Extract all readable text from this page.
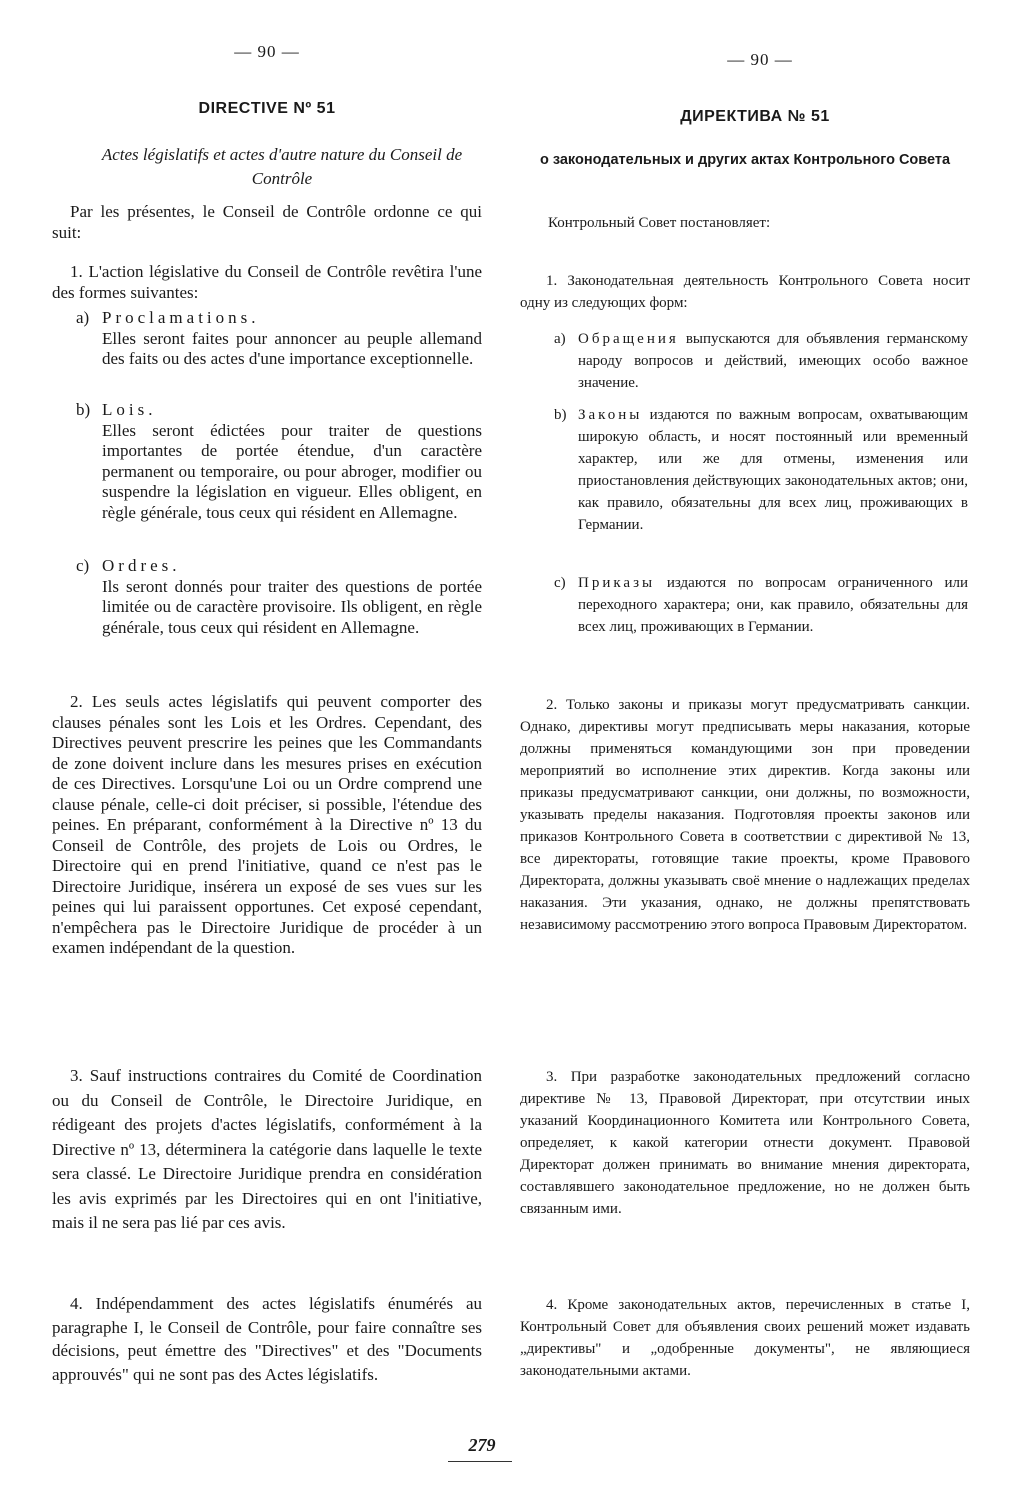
— 90 —
DIRECTIVE Nº 51
Actes législatifs et actes d'autre nature du Conseil de Contrôle
Par les présentes, le Conseil de Contrôle ordonne ce qui suit:
1. L'action législative du Conseil de Contrôle revêtira l'une des formes suivantes:
a) Proclamations.
Elles seront faites pour annoncer au peuple allemand des faits ou des actes d'une importance exceptionnelle.
b) Lois.
Elles seront édictées pour traiter de questions importantes de portée étendue, d'un caractère permanent ou temporaire, ou pour abroger, modifier ou suspendre la législation en vigueur. Elles obligent, en règle générale, tous ceux qui résident en Allemagne.
c) Ordres.
Ils seront donnés pour traiter des questions de portée limitée ou de caractère provisoire. Ils obligent, en règle générale, tous ceux qui résident en Allemagne.
2. Les seuls actes législatifs qui peuvent comporter des clauses pénales sont les Lois et les Ordres. Cependant, des Directives peuvent prescrire les peines que les Commandants de zone doivent inclure dans les mesures prises en exécution de ces Directives. Lorsqu'une Loi ou un Ordre comprend une clause pénale, celle-ci doit préciser, si possible, l'étendue des peines. En préparant, conformément à la Directive nº 13 du Conseil de Contrôle, des projets de Lois ou Ordres, le Directoire qui en prend l'initiative, quand ce n'est pas le Directoire Juridique, insérera un exposé de ses vues sur les peines qui lui paraissent opportunes. Cet exposé cependant, n'empêchera pas le Directoire Juridique de procéder à un examen indépendant de la question.
3. Sauf instructions contraires du Comité de Coordination ou du Conseil de Contrôle, le Directoire Juridique, en rédigeant des projets d'actes législatifs, conformément à la Directive nº 13, déterminera la catégorie dans laquelle le texte sera classé. Le Directoire Juridique prendra en considération les avis exprimés par les Directoires qui en ont l'initiative, mais il ne sera pas lié par ces avis.
4. Indépendamment des actes législatifs énumérés au paragraphe I, le Conseil de Contrôle, pour faire connaître ses décisions, peut émettre des "Directives" et des "Documents approuvés" qui ne sont pas des Actes législatifs.
— 90 —
ДИРЕКТИВА № 51
о законодательных и других актах Контрольного Совета
Контрольный Совет постановляет:
1. Законодательная деятельность Контрольного Совета носит одну из следующих форм:
a) Обращения выпускаются для объявления германскому народу вопросов и действий, имеющих особо важное значение.
b) Законы издаются по важным вопросам, охватывающим широкую область, и носят постоянный или временный характер, или же для отмены, изменения или приостановления действующих законодательных актов; они, как правило, обязательны для всех лиц, проживающих в Германии.
c) Приказы издаются по вопросам ограниченного или переходного характера; они, как правило, обязательны для всех лиц, проживающих в Германии.
2. Только законы и приказы могут предусматривать санкции. Однако, директивы могут предписывать меры наказания, которые должны применяться командующими зон при проведении мероприятий во исполнение этих директив. Когда законы или приказы предусматривают санкции, они должны, по возможности, указывать пределы наказания. Подготовляя проекты законов или приказов Контрольного Совета в соответствии с директивой № 13, все директораты, готовящие такие проекты, кроме Правового Директората, должны указывать своё мнение о надлежащих пределах наказания. Эти указания, однако, не должны препятствовать независимому рассмотрению этого вопроса Правовым Директоратом.
3. При разработке законодательных предложений согласно директиве № 13, Правовой Директорат, при отсутствии иных указаний Координационного Комитета или Контрольного Совета, определяет, к какой категории отнести документ. Правовой Директорат должен принимать во внимание мнения директората, составлявшего законодательное предложение, но не должен быть связанным ими.
4. Кроме законодательных актов, перечисленных в статье I, Контрольный Совет для объявления своих решений может издавать „директивы" и „одобренные документы", не являющиеся законодательными актами.
279
